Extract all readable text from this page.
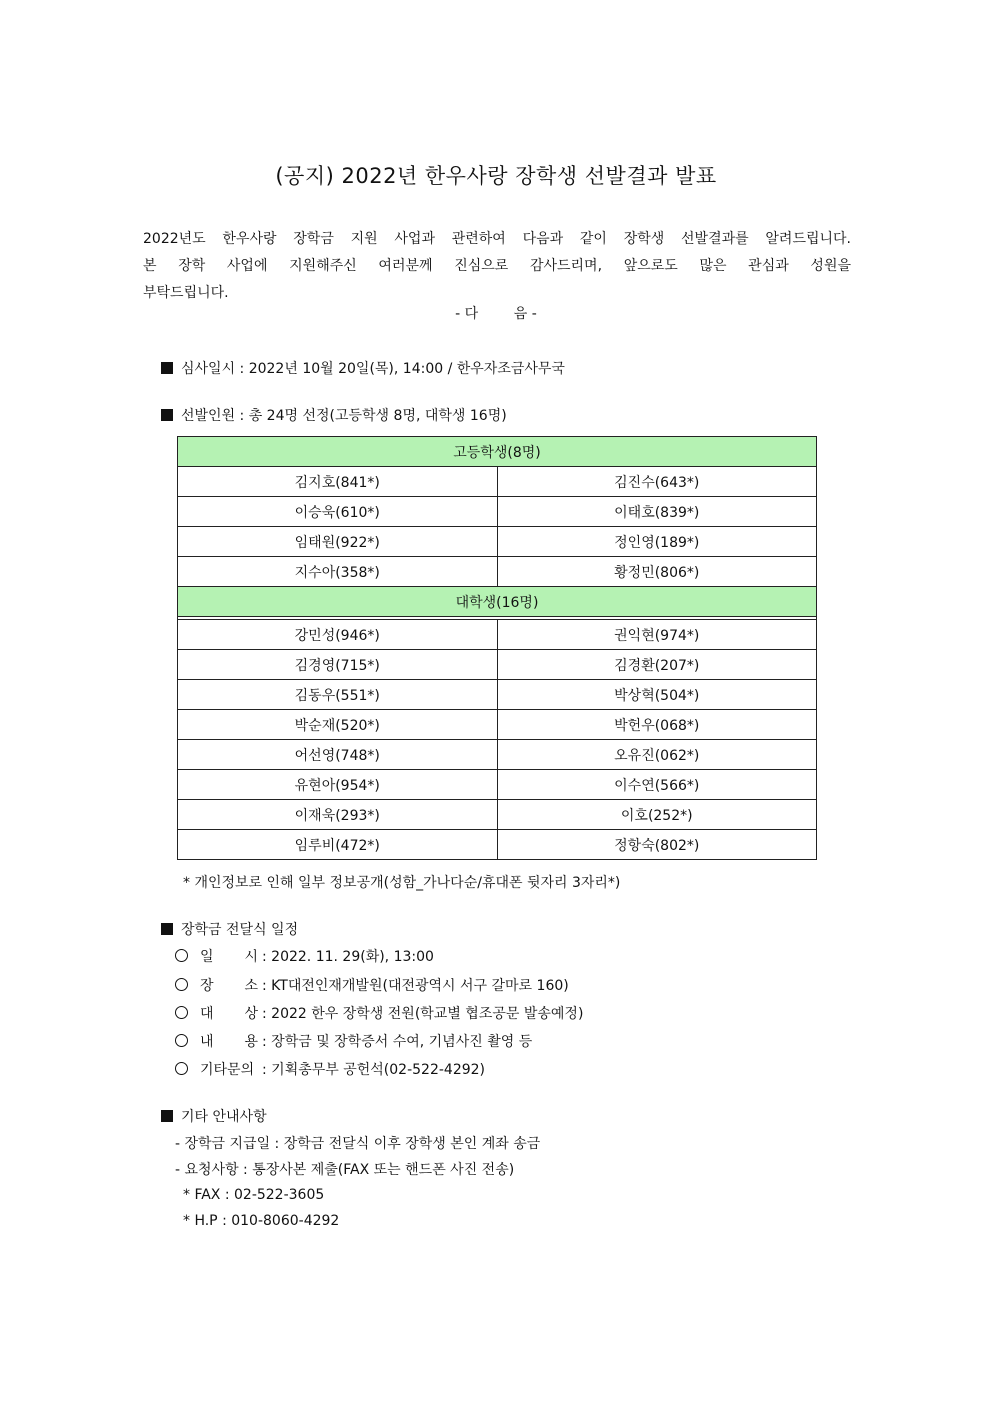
(공지) 2022년 한우사랑 장학생 선발결과 발표

2022년도 한우사랑 장학금 지원 사업과 관련하여 다음과 같이 장학생 선발결과를 알려드립니다.

본 장학 사업에 지원해주신 여러분께 진심으로 감사드리며, 앞으로도 많은 관심과 성원을

부탁드립니다.

- 다        음 -
심사일시 : 2022년 10월 20일(목), 14:00 / 한우자조금사무국
선발인원 : 총 24명 선정(고등학생 8명, 대학생 16명)
고등학생(8명)	
김지호(841*)	김진수(643*)
이승욱(610*)	이태호(839*)
임태원(922*)	정인영(189*)
지수아(358*)	황정민(806*)
대학생(16명)	

강민성(946*)	권익현(974*)
김경영(715*)	김경환(207*)
김동우(551*)	박상혁(504*)
박순재(520*)	박헌우(068*)
어선영(748*)	오유진(062*)
유현아(954*)	이수연(566*)
이재욱(293*)	이호(252*)
임루비(472*)	정항숙(802*)
* 개인정보로 인해 일부 정보공개(성함_가나다순/휴대폰 뒷자리 3자리*)
장학금 전달식 일정
일 시 : 2022. 11. 29(화), 13:00
장 소 : KT대전인재개발원(대전광역시 서구 갈마로 160)
대 상 : 2022 한우 장학생 전원(학교별 협조공문 발송예정)
내 용 : 장학금 및 장학증서 수여, 기념사진 촬영 등
기타문의 : 기획총무부 공헌석(02-522-4292)
기타 안내사항
- 장학금 지급일 : 장학금 전달식 이후 장학생 본인 계좌 송금
- 요청사항 : 통장사본 제출(FAX 또는 핸드폰 사진 전송)
* FAX : 02-522-3605
* H.P : 010-8060-4292
